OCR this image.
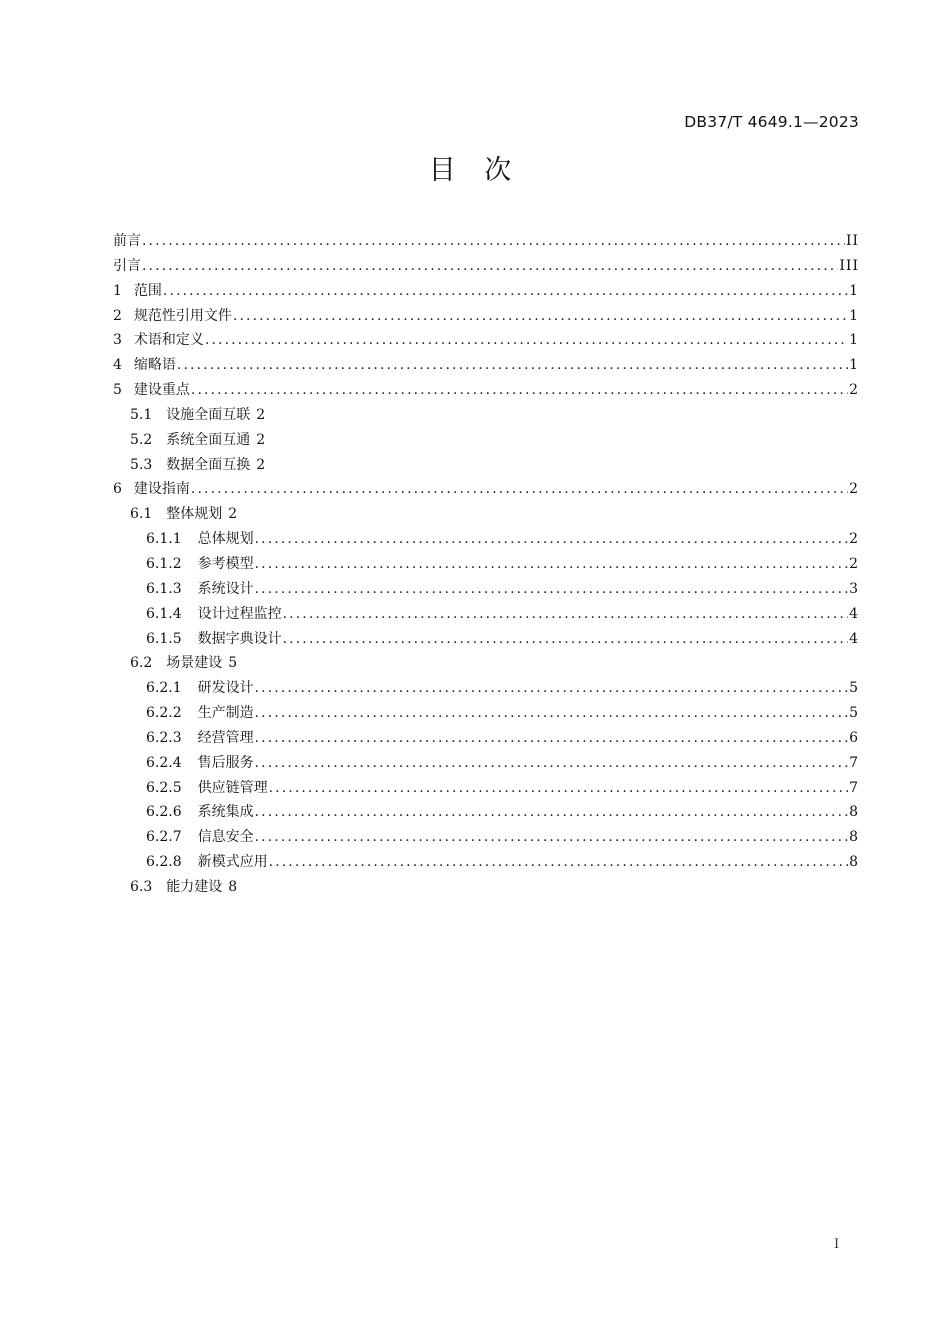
DB37/T 4649.1—2023
目 次
前言 .....	II
引言 .....	III
1 范围 .....	1
2 规范性引用文件 .....	1
3 术语和定义 .....	1
4 缩略语 .....	1
5 建设重点 .....	2
5.1 设施全面互联 2
5.2 系统全面互通 2
5.3 数据全面互换 2
6 建设指南 .....	2
6.1 整体规划 2
6.1.1 总体规划 .....	2
6.1.2 参考模型 .....	2
6.1.3 系统设计 .....	3
6.1.4 设计过程监控 .....	4
6.1.5 数据字典设计 .....	4
6.2 场景建设 5
6.2.1 研发设计 .....	5
6.2.2 生产制造 .....	5
6.2.3 经营管理 .....	6
6.2.4 售后服务 .....	7
6.2.5 供应链管理 .....	7
6.2.6 系统集成 .....	8
6.2.7 信息安全 .....	8
6.2.8 新模式应用 .....	8
6.3 能力建设 8
I
